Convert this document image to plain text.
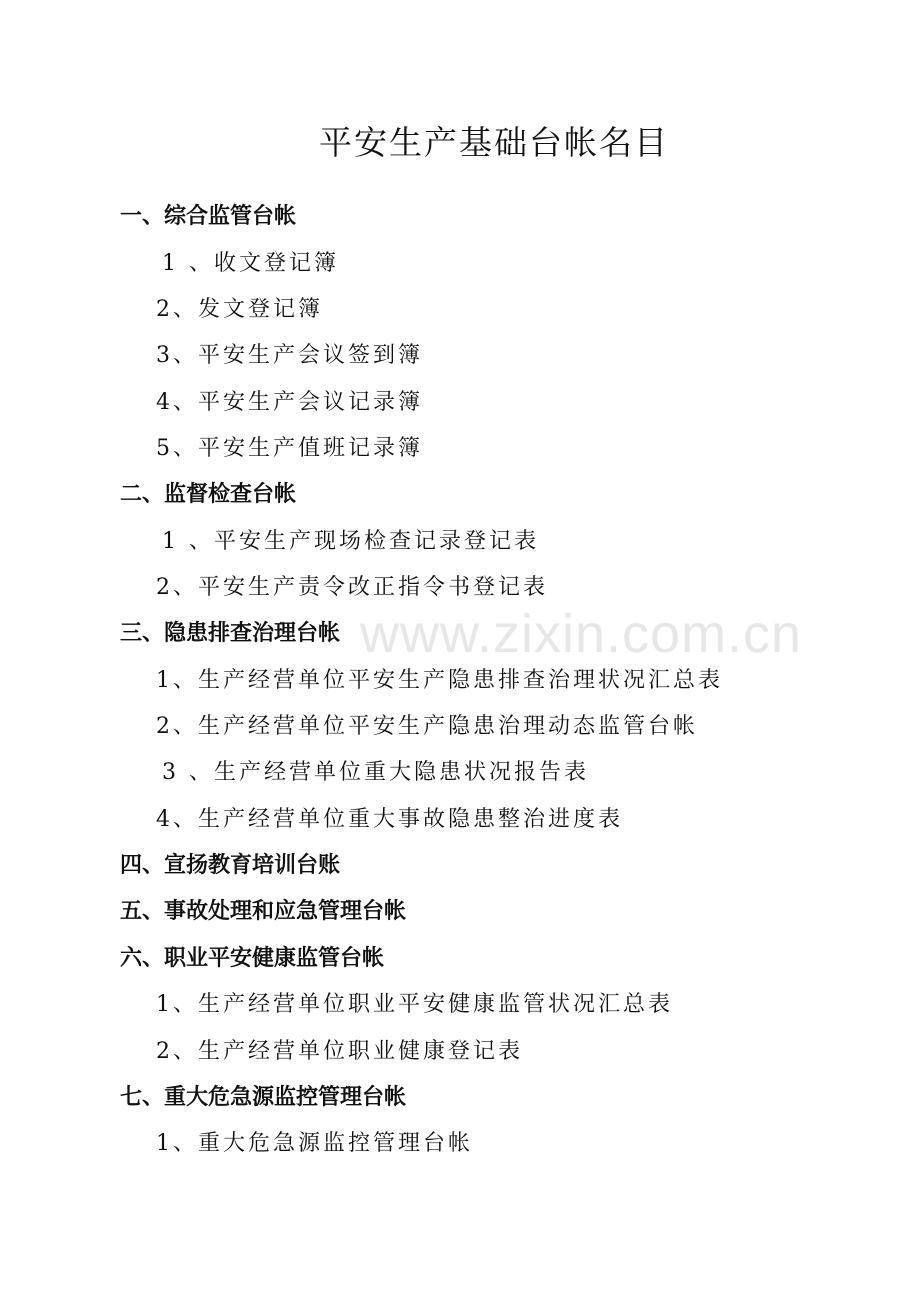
平安生产基础台帐名目
www.zixin.com.cn
一、综合监管台帐
1 、收文登记簿
2、发文登记簿
3、平安生产会议签到簿
4、平安生产会议记录簿
5、平安生产值班记录簿
二、监督检查台帐
1 、平安生产现场检查记录登记表
2、平安生产责令改正指令书登记表
三、隐患排查治理台帐
1、生产经营单位平安生产隐患排查治理状况汇总表
2、生产经营单位平安生产隐患治理动态监管台帐
3 、生产经营单位重大隐患状况报告表
4、生产经营单位重大事故隐患整治进度表
四、宣扬教育培训台账
五、事故处理和应急管理台帐
六、职业平安健康监管台帐
1、生产经营单位职业平安健康监管状况汇总表
2、生产经营单位职业健康登记表
七、重大危急源监控管理台帐
1、重大危急源监控管理台帐
